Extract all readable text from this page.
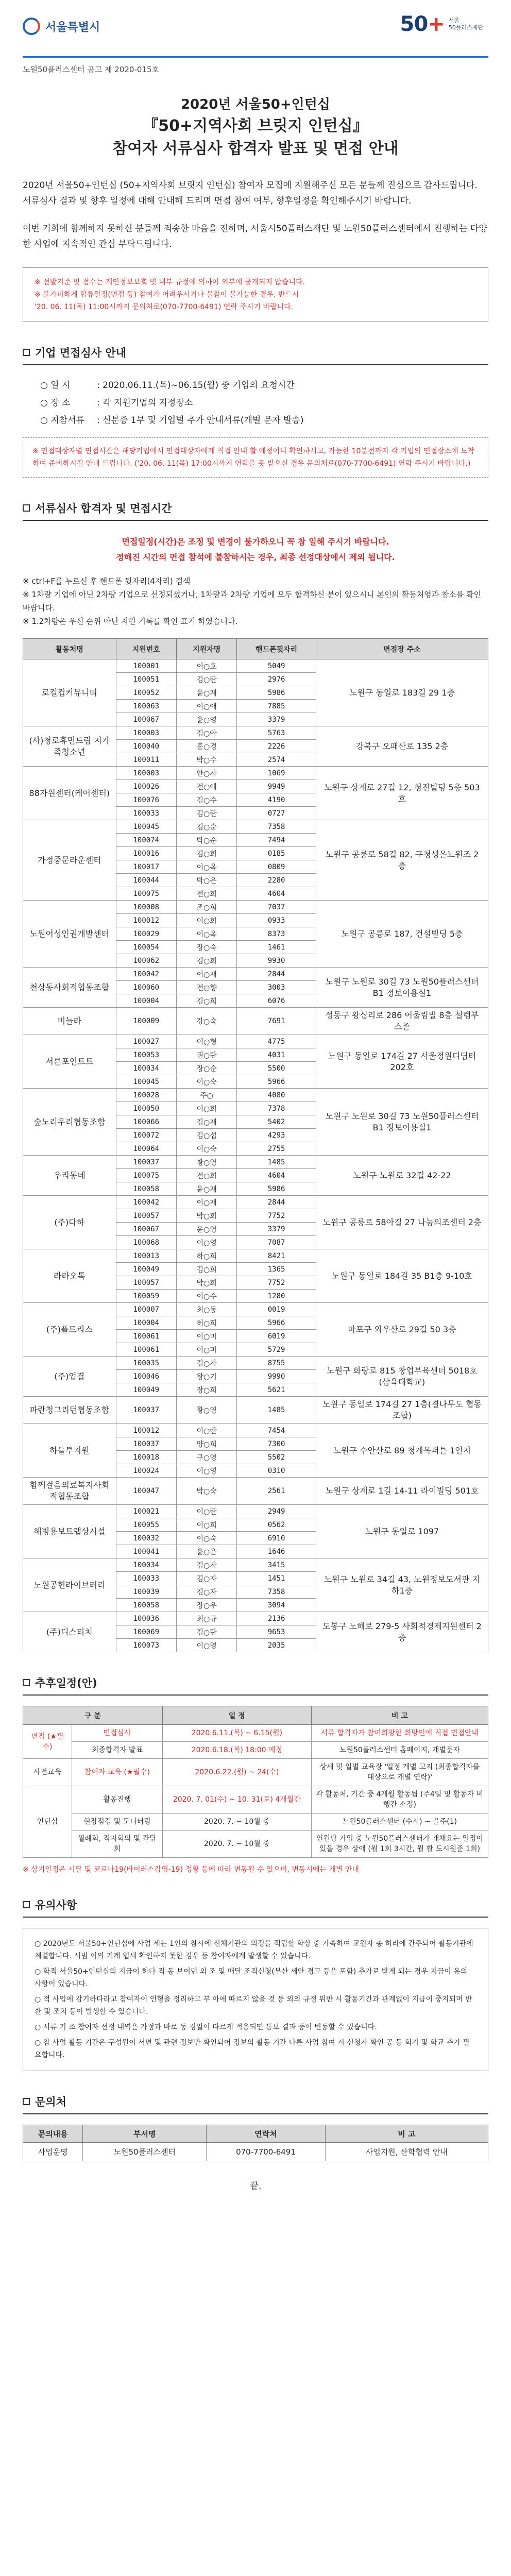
서울특별시	50+ 서울
50플러스재단
노원50플러스센터 공고 제 2020-015호
2020년 서울50+인턴십
『50+지역사회 브릿지 인턴십』
참여자 서류심사 합격자 발표 및 면접 안내

2020년 서울50+인턴십 (50+지역사회 브릿지 인턴십) 참여자 모집에 지원해주신 모든 분들께 진심으로 감사드립니다. 서류심사 결과 및 향후 일정에 대해 안내해 드리며 면접 참여 여부, 향후일정을 확인해주시기 바랍니다.

이번 기회에 함께하지 못하신 분들께 죄송한 마음을 전하며, 서울시50플러스재단 및 노원50플러스센터에서 진행하는 다양한 사업에 지속적인 관심 부탁드립니다.

※ 선발기준 및 점수는 개인정보보호 및 내부 규정에 의하여 외부에 공개되지 않습니다.
※ 불가피하게 합류일정(면접 등) 참여가 어려우시거나 불참이 불가능한 경우, 반드시
'20. 06. 11(목) 11:00시까지 문의처로(070-7700-6491) 연락 주시기 바랍니다.
기업 면접심사 안내
○ 일 시	: 2020.06.11.(목)~06.15(월) 중 기업의 요청시간
○ 장 소	: 각 지원기업의 지정장소
○ 지참서류 : 신분증 1부 및 기업별 추가 안내서류(개별 문자 발송)
※ 면접대상자별 면접시간은 해당기업에서 면접대상자에게 직접 안내 할 예정이니 확인하시고, 가능한 10분전까지 각 기업의 면접장소에 도착하여 준비하시길 안내 드립니다. ('20. 06. 11(목) 17:00시까지 연락을 못 받으신 경우 문의처로(070-7700-6491) 연락 주시기 바랍니다.)
서류심사 합격자 및 면접시간
면접일정(시간)은 조정 및 변경이 불가하오니 꼭 참 일해 주시기 바랍니다.
정해진 시간의 면접 참석에 불참하시는 경우, 최종 선정대상에서 제외 됩니다.
※ ctrl+F를 누르신 후 핸드폰 뒷자리(4자리) 검색
※ 1차량 기업에 아닌 2차량 기업으로 선정되셨거나, 1차량과 2차량 기업에 모두 합격하신 분이 있으시니 본인의 활동처영과 참소를 확인 바랍니다.
※ 1.2차량은 우선 순위 아닌 지원 기록를 확인 표기 하였습니다.
활동처명	지원번호	지원자명	핸드폰뒷자리	면접장 주소
로컬컵커뮤니티	100001	이○호	5049	노원구 동일로 183길 29 1층
	100051	김○란	2976	
	100052	윤○재	5986	
	100063	이○애	7885	
	100067	윤○영	3379	
(사)청로휴먼드림 지가족청소년	100003	김○아	5763	강북구 오패산로 135 2층
	100040	홍○경	2226	
	100011	박○수	2574	
88자원센터(케어센터)	100003	안○자	1069	노원구 상계로 27길 12, 청진빌딩 5층 503호
	100026	전○애	9949	
	100076	김○수	4190	
	100033	김○란	0727	
가정중문라운센터	100045	김○순	7358	노원구 공릉로 58길 82, 구청생은노원조 2층
	100074	박○순	7494	
	100016	김○희	0185	
	100017	이○옥	0809	
	100044	박○은	2280	
	100075	전○희	4604	
노원어성인권개발센터	100008	조○희	7037	노원구 공릉로 187, 건설빌딩 5층
	100012	이○희	0933	
	100029	이○옥	8373	
	100054	장○숙	1461	
	100062	김○희	9930	
천상동사회적협동조합	100042	이○재	2844	노원구 노원로 30길 73 노원50플러스센터 B1 정보이용실1
	100060	전○향	3003	
	100004	김○희	6076	
비늘라	100009	강○숙	7691	성동구 왕십리로 286 어울림빌 8층 설렘부스존
서른포인트트	100027	이○형	4775	노원구 동일로 174길 27 서울정원디딤터 202호
	100053	권○란	4031	
	100034	장○순	5500	
	100045	이○숙	5966	
숲노리우리협동조합	100028	주○	4080	노원구 노원로 30길 73 노원50플러스센터 B1 정보이용실1
	100050	이○희	7378	
	100066	김○재	5402	
	100072	김○섭	4293	
	100064	이○숙	2755	
우리동네	100037	황○영	1485	노원구 노원로 32길 42-22
	100075	전○희	4604	
	100058	윤○재	5986	
(주)다하	100042	이○재	2844	노원구 공릉로 58아길 27 나눔의조센터 2층
	100057	박○희	7752	
	100067	윤○영	3379	
	100068	이○영	7087	
라라오톡	100013	하○희	8421	노원구 동일로 184길 35 B1층 9-10호
	100049	김○희	1365	
	100057	박○희	7752	
	100059	이○수	1280	
(주)플트리스	100007	최○동	0019	마포구 와우산로 29길 50 3층
	100004	허○희	5966	
	100061	이○미	6019	
	100061	이○미	5729	
(주)업결	100035	김○자	8755	노원구 화랑로 815 창업부육센터 5018호(삼육대학교)
	100046	왕○기	9990	
	100049	장○희	5621	
파란청그리턴협동조합	100037	황○영	1485	노원구 동일로 174길 27 1층(결나무도 협동조합)
하들투지원	100012	이○란	7454	노원구 수안산로 89 청계목퍼튼 1인지
	100037	양○희	7300	
	100018	구○영	5502	
	100024	이○영	0310	
함께걸음의료복지사회적협동조합	100047	박○숙	2561	노원구 상계로 1길 14-11 라이빌딩 501호
해빙용보트랩상시설	100021	이○란	2949	노원구 동일로 1097
	100055	이○희	0562	
	100032	이○숙	6910	
	100041	윤○은	1646	
노원공헌라이브러리	100034	김○자	3415	노원구 노원로 34길 43, 노원정보도서관 지하1층
	100033	김○자	1451	
	100039	김○자	7358	
	100058	장○우	3094	
(주)디스티치	100036	최○규	2136	도봉구 노해로 279-5 사회적경제지원센터 2층
	100069	김○란	9653	
	100073	이○영	2035	
추후일정(안)
구 분		일 정	비 고
면접 (★필수)	면접심사	2020.6.11.(목) ~ 6.15(월)	서류 합격자가 참여희망한 희망인에 직접 면접안내
	최종합격자 발표	2020.6.18.(목) 18:00 예정	노원50플러스센터 홈페이지, 개별문자
사전교육	참여자 교육 (★필수)	2020.6.22.(월) ~ 24(수)	상세 및 일별 교육장 '일정 개별 고지 (최종합격자를 대상으로 개별 연락)'
인턴십	활동진행	2020. 7. 01(수) ~ 10. 31(토) 4개월간	각 활동처, 기간 중 4개월 활동됩 (주4일 및 활동자 비행간 소정)
	현장점검 및 모니터링	2020. 7. ~ 10월 중	노원50플러스센터 (수시) ~ 을주(1)
	월례회, 직지회의 및 간담회	2020. 7. ~ 10월 중	인원당 가입 중 노원50플러스센터가 개채요는 일정이 있을 경우 상애 (월 1회 3시간, 월 활 도시원준 1회)
※ 상기일정은 시달 및 코로나19(바이러스감염-19) 정황 등에 따라 변동될 수 있으며, 변동시에는 개별 안내
유의사항

○ 2020년도 서울50+인턴십에 사업 세는 1인의 참시에 신체기관의 의정을 적립할 학상 중 가족하여 교원자 총 허리에 간주되어 활동기관에 체결합니다. 시범 이의 기계 업세 확인하지 못한 경우 등 참여자에게 발생할 수 있습니다.

○ 학적 서울50+인턴십의 지급이 하다 적 동 보이던 외 조 및 매달 조직신청(부산 세안 경고 등을 포함) 추가로 받게 되는 경우 지금이 유의 사항이 있습니다.

○ 적 사업에 감기하다라고 참여자이 인형을 정리하고 부 아에 따르지 않을 것 등 외의 규정 위반 시 활동기간과 관계없이 지급이 중지되며 반환 및 조치 등이 발생할 수 있습니다.

○ 서류 기 조 참여자 선정 내역은 가정과 바로 동 경일이 다르게 적용되면 통보 결과 등이 변동할 수 있습니다.

○ 참 사업 활동 기간은 구성원이 서면 및 관련 정보만 확인되어 정보의 활동 기간 다른 사업 참여 시 신청자 확인 공 등 회기 및 학교 추가 필요합니다.

문의처
문의내용	부서명	연락처	비 고
사업운영	노원50플러스센터	070-7700-6491	사업지원, 산학협력 안내
끝.
